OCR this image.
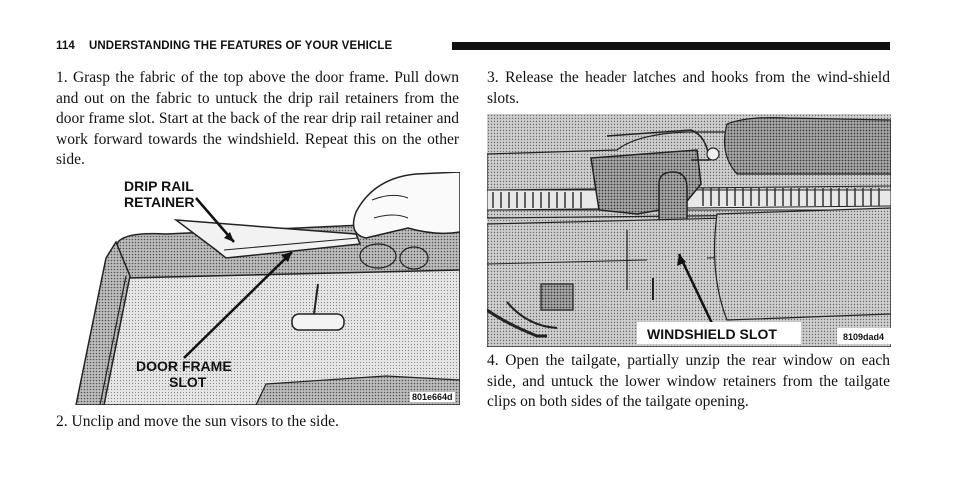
114 UNDERSTANDING THE FEATURES OF YOUR VEHICLE

1. Grasp the fabric of the top above the door frame. Pull down and out on the fabric to untuck the drip rail retainers from the door frame slot. Start at the back of the rear drip rail retainer and work forward towards the windshield. Repeat this on the other side.

DRIP RAIL
RETAINER
DOOR FRAME
SLOT
801e664d

2. Unclip and move the sun visors to the side.

3. Release the header latches and hooks from the wind-shield slots.

WINDSHIELD SLOT	8109dad4

4. Open the tailgate, partially unzip the rear window on each side, and untuck the lower window retainers from the tailgate clips on both sides of the tailgate opening.
